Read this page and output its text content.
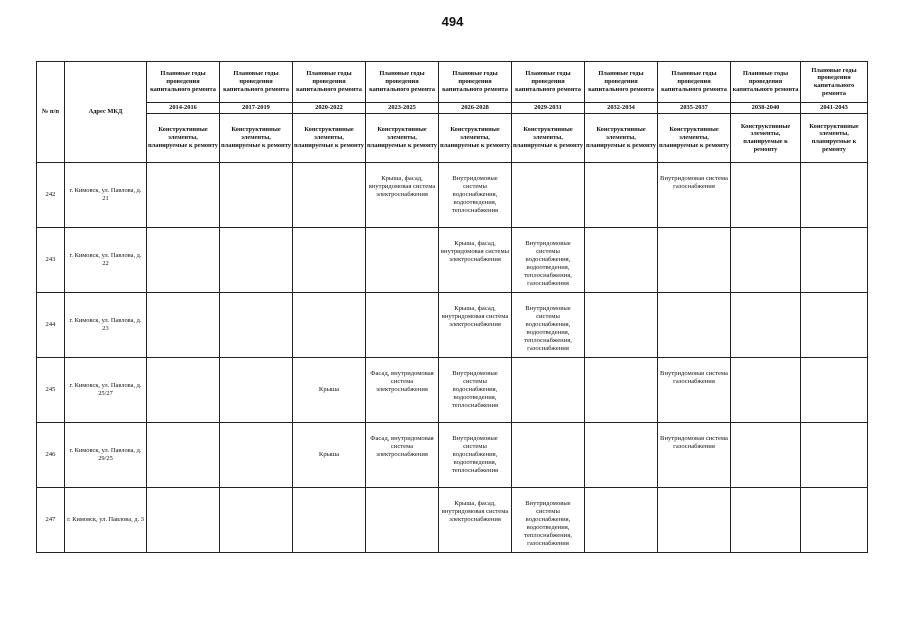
494
№ п/п	Адрес МКД	Плановые годы проведения капитального ремонта	Плановые годы проведения капитального ремонта	Плановые годы проведения капитального ремонта	Плановые годы проведения капитального ремонта	Плановые годы проведения капитального ремонта	Плановые годы проведения капитального ремонта	Плановые годы проведения капитального ремонта	Плановые годы проведения капитального ремонта	Плановые годы проведения капитального ремонта	Плановые годы проведения капитального ремонта
		2014-2016	2017-2019	2020-2022	2023-2025	2026-2028	2029-2031	2032-2034	2035-2037	2038-2040	2041-2043
		Конструктивные элементы, планируемые к ремонту	Конструктивные элементы, планируемые к ремонту	Конструктивные элементы, планируемые к ремонту	Конструктивные элементы, планируемые к ремонту	Конструктивные элементы, планируемые к ремонту	Конструктивные элементы, планируемые к ремонту	Конструктивные элементы, планируемые к ремонту	Конструктивные элементы, планируемые к ремонту	Конструктивные элементы, планируемые к ремонту	Конструктивные элементы, планируемые к ремонту
242	г. Кимовск, ул. Павлова, д. 21				Крыша, фасад, внутридомовая система электроснабжения	Внутридомовые системы водоснабжения, водоотведения, теплоснабжения			Внутридомовая система газоснабжения		
243	г. Кимовск, ул. Павлова, д. 22					Крыша, фасад, внутридомовая системы электроснабжения	Внутридомовые системы водоснабжения, водоотведения, теплоснабжения, газоснабжения				
244	г. Кимовск, ул. Павлова, д. 23					Крыша, фасад, внутридомовая система электроснабжения	Внутридомовые системы водоснабжения, водоотведения, теплоснабжения, газоснабжения				
245	г. Кимовск, ул. Павлова, д. 25/27			Крыша	Фасад, внутридомовая система электроснабжения	Внутридомовые системы водоснабжения, водоотведения, теплоснабжения			Внутридомовая система газоснабжения		
246	г. Кимовск, ул. Павлова, д. 29/25			Крыша	Фасад, внутридомовая система электроснабжения	Внутридомовые системы водоснабжения, водоотведения, теплоснабжения			Внутридомовая система газоснабжения		
247	г. Кимовск, ул. Павлова, д. 3					Крыша, фасад, внутридомовая система электроснабжения	Внутридомовые системы водоснабжения, водоотведения, теплоснабжения, газоснабжения				
